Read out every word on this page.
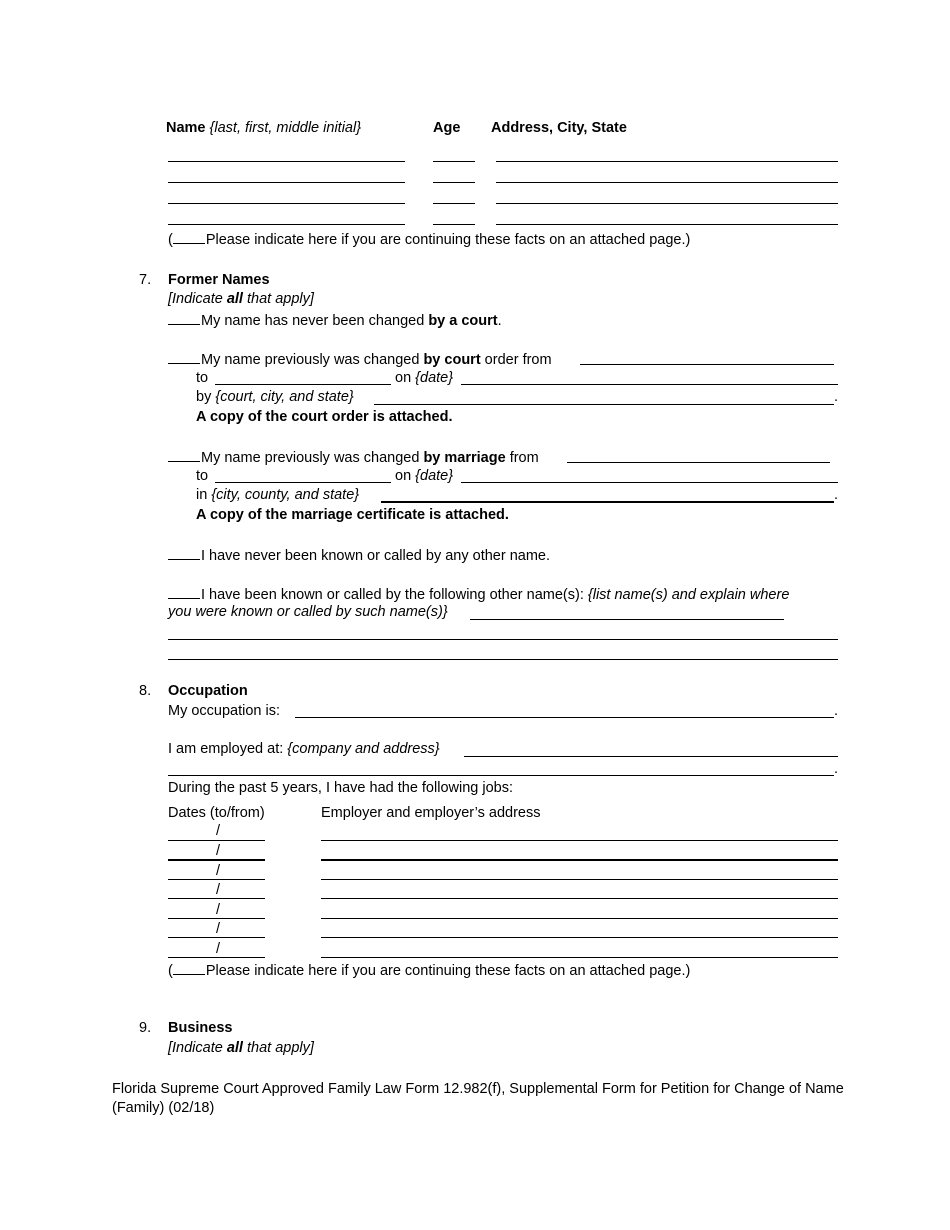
Name {last, first, middle initial}	Age Address, City, State
( Please indicate here if you are continuing these facts on an attached page.)
7. Former Names
[Indicate all that apply]
My name has never been changed by a court.
My name previously was changed by court order from
to	on {date}
by {court, city, and state}	.
A copy of the court order is attached.
My name previously was changed by marriage from
to	on {date}
in {city, county, and state}	.
A copy of the marriage certificate is attached.
I have never been known or called by any other name.
I have been known or called by the following other name(s): {list name(s) and explain where
you were known or called by such name(s)}
8. Occupation
My occupation is:	.
I am employed at: {company and address}
.
During the past 5 years, I have had the following jobs:
Dates (to/from)	Employer and employer’s address
/
/
/
/
/
/
/
( Please indicate here if you are continuing these facts on an attached page.)
9. Business
[Indicate all that apply]
Florida Supreme Court Approved Family Law Form 12.982(f), Supplemental Form for Petition for Change of Name (Family) (02/18)
